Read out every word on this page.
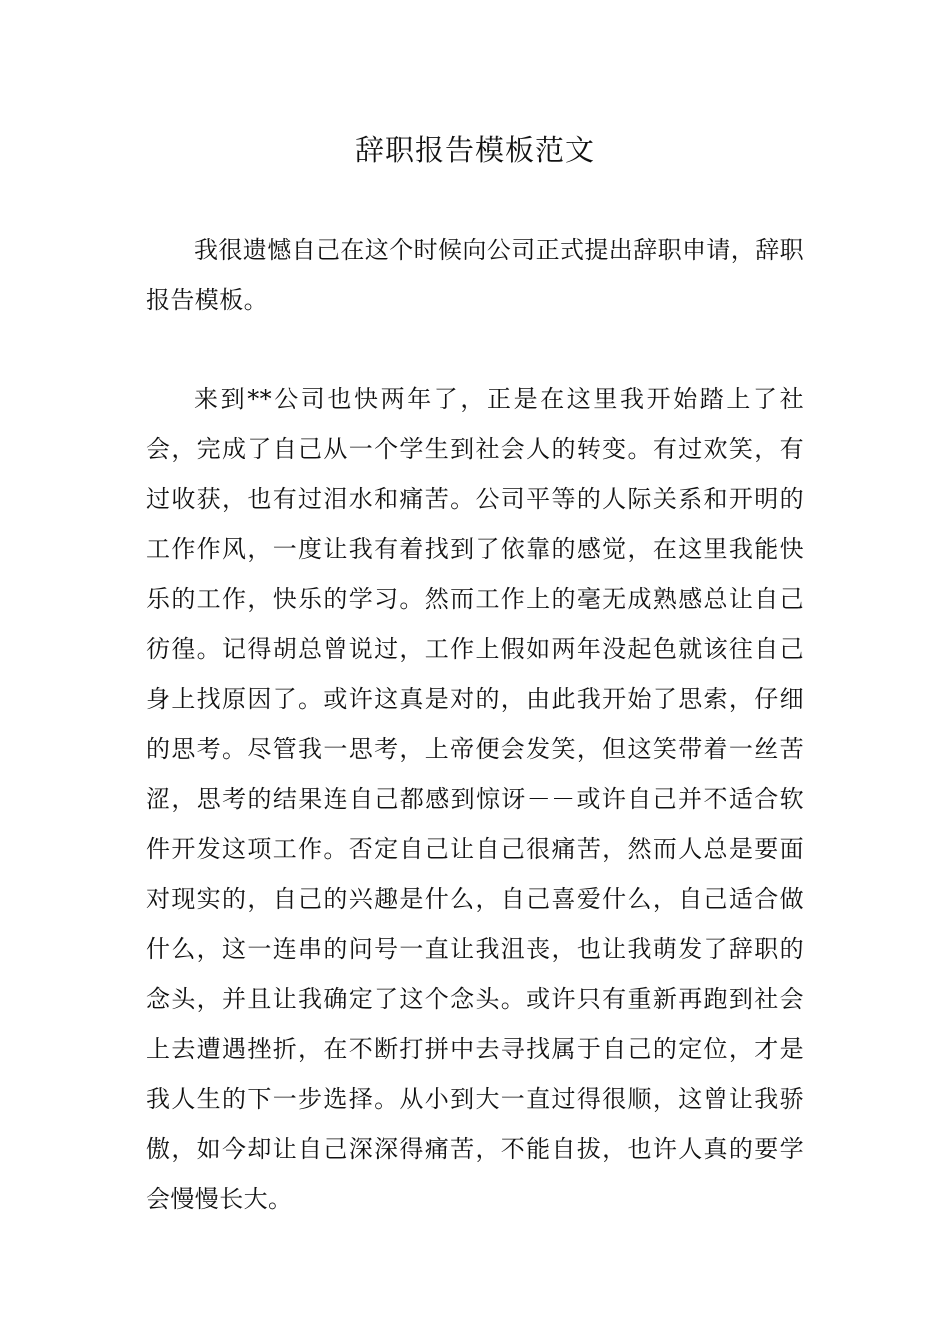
辞职报告模板范文

我很遗憾自己在这个时候向公司正式提出辞职申请，辞职报告模板。

来到**公司也快两年了，正是在这里我开始踏上了社会，完成了自己从一个学生到社会人的转变。有过欢笑，有过收获，也有过泪水和痛苦。公司平等的人际关系和开明的工作作风，一度让我有着找到了依靠的感觉，在这里我能快乐的工作，快乐的学习。然而工作上的毫无成熟感总让自己彷徨。记得胡总曾说过，工作上假如两年没起色就该往自己身上找原因了。或许这真是对的，由此我开始了思索，仔细的思考。尽管我一思考，上帝便会发笑，但这笑带着一丝苦涩，思考的结果连自己都感到惊讶－－或许自己并不适合软件开发这项工作。否定自己让自己很痛苦，然而人总是要面对现实的，自己的兴趣是什么，自己喜爱什么，自己适合做什么，这一连串的问号一直让我沮丧，也让我萌发了辞职的念头，并且让我确定了这个念头。或许只有重新再跑到社会上去遭遇挫折，在不断打拼中去寻找属于自己的定位，才是我人生的下一步选择。从小到大一直过得很顺，这曾让我骄傲，如今却让自己深深得痛苦，不能自拔，也许人真的要学会慢慢长大。
